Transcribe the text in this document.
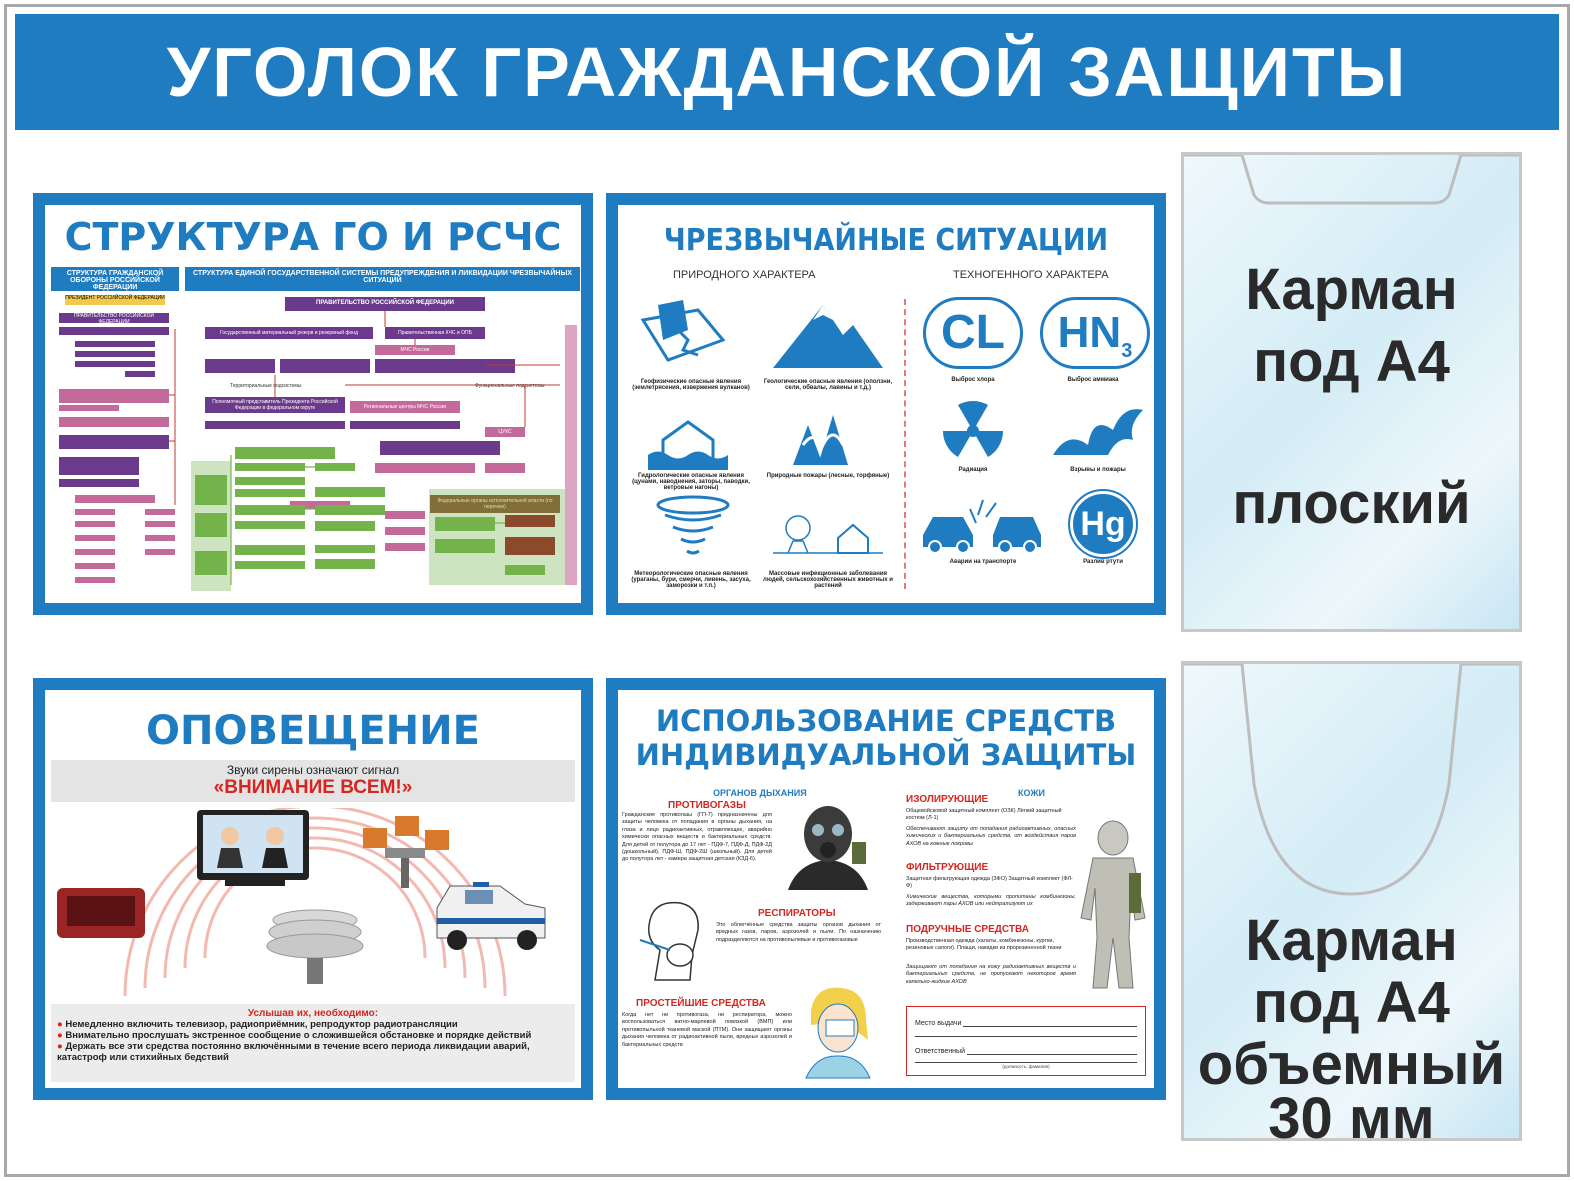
УГОЛОК ГРАЖДАНСКОЙ ЗАЩИТЫ
СТРУКТУРА ГО И РСЧС
СТРУКТУРА ГРАЖДАНСКОЙ ОБОРОНЫ РОССИЙСКОЙ ФЕДЕРАЦИИ
СТРУКТУРА ЕДИНОЙ ГОСУДАРСТВЕННОЙ СИСТЕМЫ ПРЕДУПРЕЖДЕНИЯ И ЛИКВИДАЦИИ ЧРЕЗВЫЧАЙНЫХ СИТУАЦИЙ
ПРЕЗИДЕНТ РОССИЙСКОЙ ФЕДЕРАЦИИ
ПРАВИТЕЛЬСТВО РОССИЙСКОЙ ФЕДЕРАЦИИ
ПРАВИТЕЛЬСТВО РОССИЙСКОЙ ФЕДЕРАЦИИ
Государственный материальный резерв и резервный фонд	Правительственная КЧС и ОПБ
МЧС России
Территориальные подсистемы	Функциональные подсистемы
Полномочный представитель Президента Российской Федерации в федеральном округе	Региональные центры МЧС России
ЦУКС
Федеральные органы исполнительной власти (по перечню)
ЧРЕЗВЫЧАЙНЫЕ СИТУАЦИИ
ПРИРОДНОГО ХАРАКТЕРА	ТЕХНОГЕННОГО ХАРАКТЕРА
Геофизические опасные явления (землетрясения, извержения вулканов)
Геологические опасные явления (оползни, сели, обвалы, лавины и т.д.)
Гидрологические опасные явления (цунами, наводнения, заторы, паводки, ветровые нагоны)
Природные пожары (лесные, торфяные)
Метеорологические опасные явления (ураганы, бури, смерчи, ливень, засуха, заморозки и т.п.)
Массовые инфекционные заболевания людей, сельскохозяйственных животных и растений
CL
Выброс хлора
$HN_3$
Выброс аммиака
Радиация	Взрывы и пожары
Аварии на транспорте
Hg
Разлив ртути
ОПОВЕЩЕНИЕ
Звуки сирены означают сигнал
«ВНИМАНИЕ ВСЕМ!»
Услышав их, необходимо:
● Немедленно включить телевизор, радиоприёмник, репродуктор радиотрансляции
● Внимательно прослушать экстренное сообщение о сложившейся обстановке и порядке действий
● Держать все эти средства постоянно включёнными в течение всего периода ликвидации аварий, катастроф или стихийных бедствий
ИСПОЛЬЗОВАНИЕ СРЕДСТВ
ИНДИВИДУАЛЬНОЙ ЗАЩИТЫ
ОРГАНОВ ДЫХАНИЯ	КОЖИ
ПРОТИВОГАЗЫ
Гражданские противогазы (ГП-7) предназначены для защиты человека от попадания в органы дыхания, на глаза и лицо радиоактивных, отравляющих, аварийно химически опасных веществ и бактериальных средств. Для детей от полутора до 17 лет - ПДФ-7, ПДФ-Д, ПДФ-2Д (дошкольный), ПДФ-Ш, ПДФ-2Ш (школьный). Для детей до полутора лет - камера защитная детская (КЗД-6).
РЕСПИРАТОРЫ
Это облегчённые средства защиты органов дыхания от вредных газов, паров, аэрозолей и пыли. По назначению подразделяются на противопылевые и противогазовые
ПРОСТЕЙШИЕ СРЕДСТВА
Когда нет ни противогаза, ни респиратора, можно воспользоваться ватно-марлевой повязкой (ВМП) или противопыльной тканевой маской (ПТМ). Они защищают органы дыхания человека от радиоактивной пыли, вредных аэрозолей и бактериальных средств
ИЗОЛИРУЮЩИЕ
Общевойсковой защитный комплект (ОЗК) Лёгкий защитный костюм (Л-1)
Обеспечивают защиту от попадания радиоактивных, опасных химических и бактериальных средств, от воздействия паров АХОВ на кожные покровы
ФИЛЬТРУЮЩИЕ
Защитная фильтрующая одежда (ЗФО) Защитный комплект (ФЛ-Ф)
Химические вещества, которыми пропитаны комбинезоны, задерживают пары АХОВ или нейтрализуют их
ПОДРУЧНЫЕ СРЕДСТВА
Производственная одежда (халаты, комбинезоны, куртки, резиновые сапоги). Плащи, накидки из прорезиненной ткани
Защищают от попадания на кожу радиоактивных веществ и бактериальных средств, не пропускают некоторое время капельно-жидкие АХОВ
Место выдачи
Ответственный
(должность, фамилия)
Карман
под А4
плоский
Карман
под А4
объемный
30 мм
